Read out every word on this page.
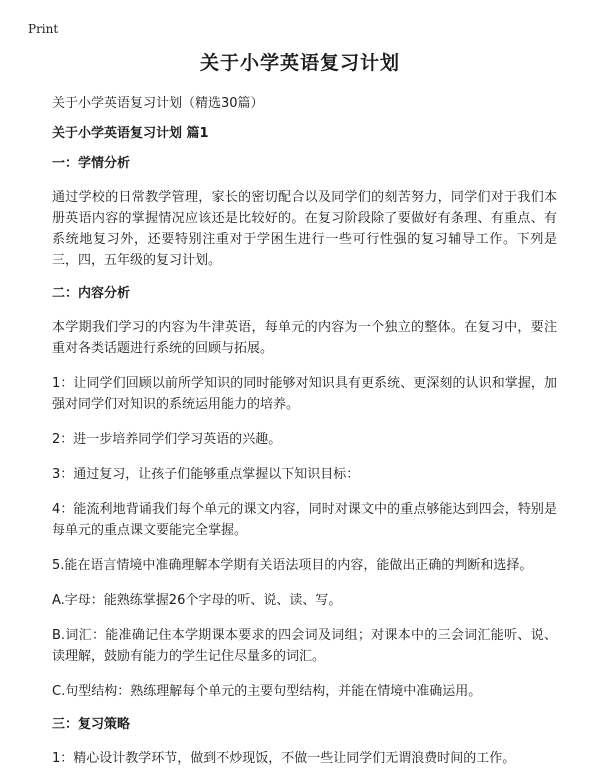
Print
关于小学英语复习计划

关于小学英语复习计划（精选30篇）

关于小学英语复习计划 篇1

一：学情分析

通过学校的日常教学管理，家长的密切配合以及同学们的刻苦努力，同学们对于我们本册英语内容的掌握情况应该还是比较好的。在复习阶段除了要做好有条理、有重点、有系统地复习外，还要特别注重对于学困生进行一些可行性强的复习辅导工作。下列是三，四，五年级的复习计划。

二：内容分析

本学期我们学习的内容为牛津英语，每单元的内容为一个独立的整体。在复习中，要注重对各类话题进行系统的回顾与拓展。

1：让同学们回顾以前所学知识的同时能够对知识具有更系统、更深刻的认识和掌握，加强对同学们对知识的系统运用能力的培养。

2：进一步培养同学们学习英语的兴趣。

3：通过复习，让孩子们能够重点掌握以下知识目标：

4：能流利地背诵我们每个单元的课文内容，同时对课文中的重点够能达到四会，特别是每单元的重点课文要能完全掌握。

5.能在语言情境中准确理解本学期有关语法项目的内容，能做出正确的判断和选择。

A.字母：能熟练掌握26个字母的听、说、读、写。

B.词汇：能准确记住本学期课本要求的四会词及词组；对课本中的三会词汇能听、说、读理解，鼓励有能力的学生记住尽量多的词汇。

C.句型结构：熟练理解每个单元的主要句型结构，并能在情境中准确运用。

三：复习策略

1：精心设计教学环节，做到不炒现饭，不做一些让同学们无谓浪费时间的工作。
